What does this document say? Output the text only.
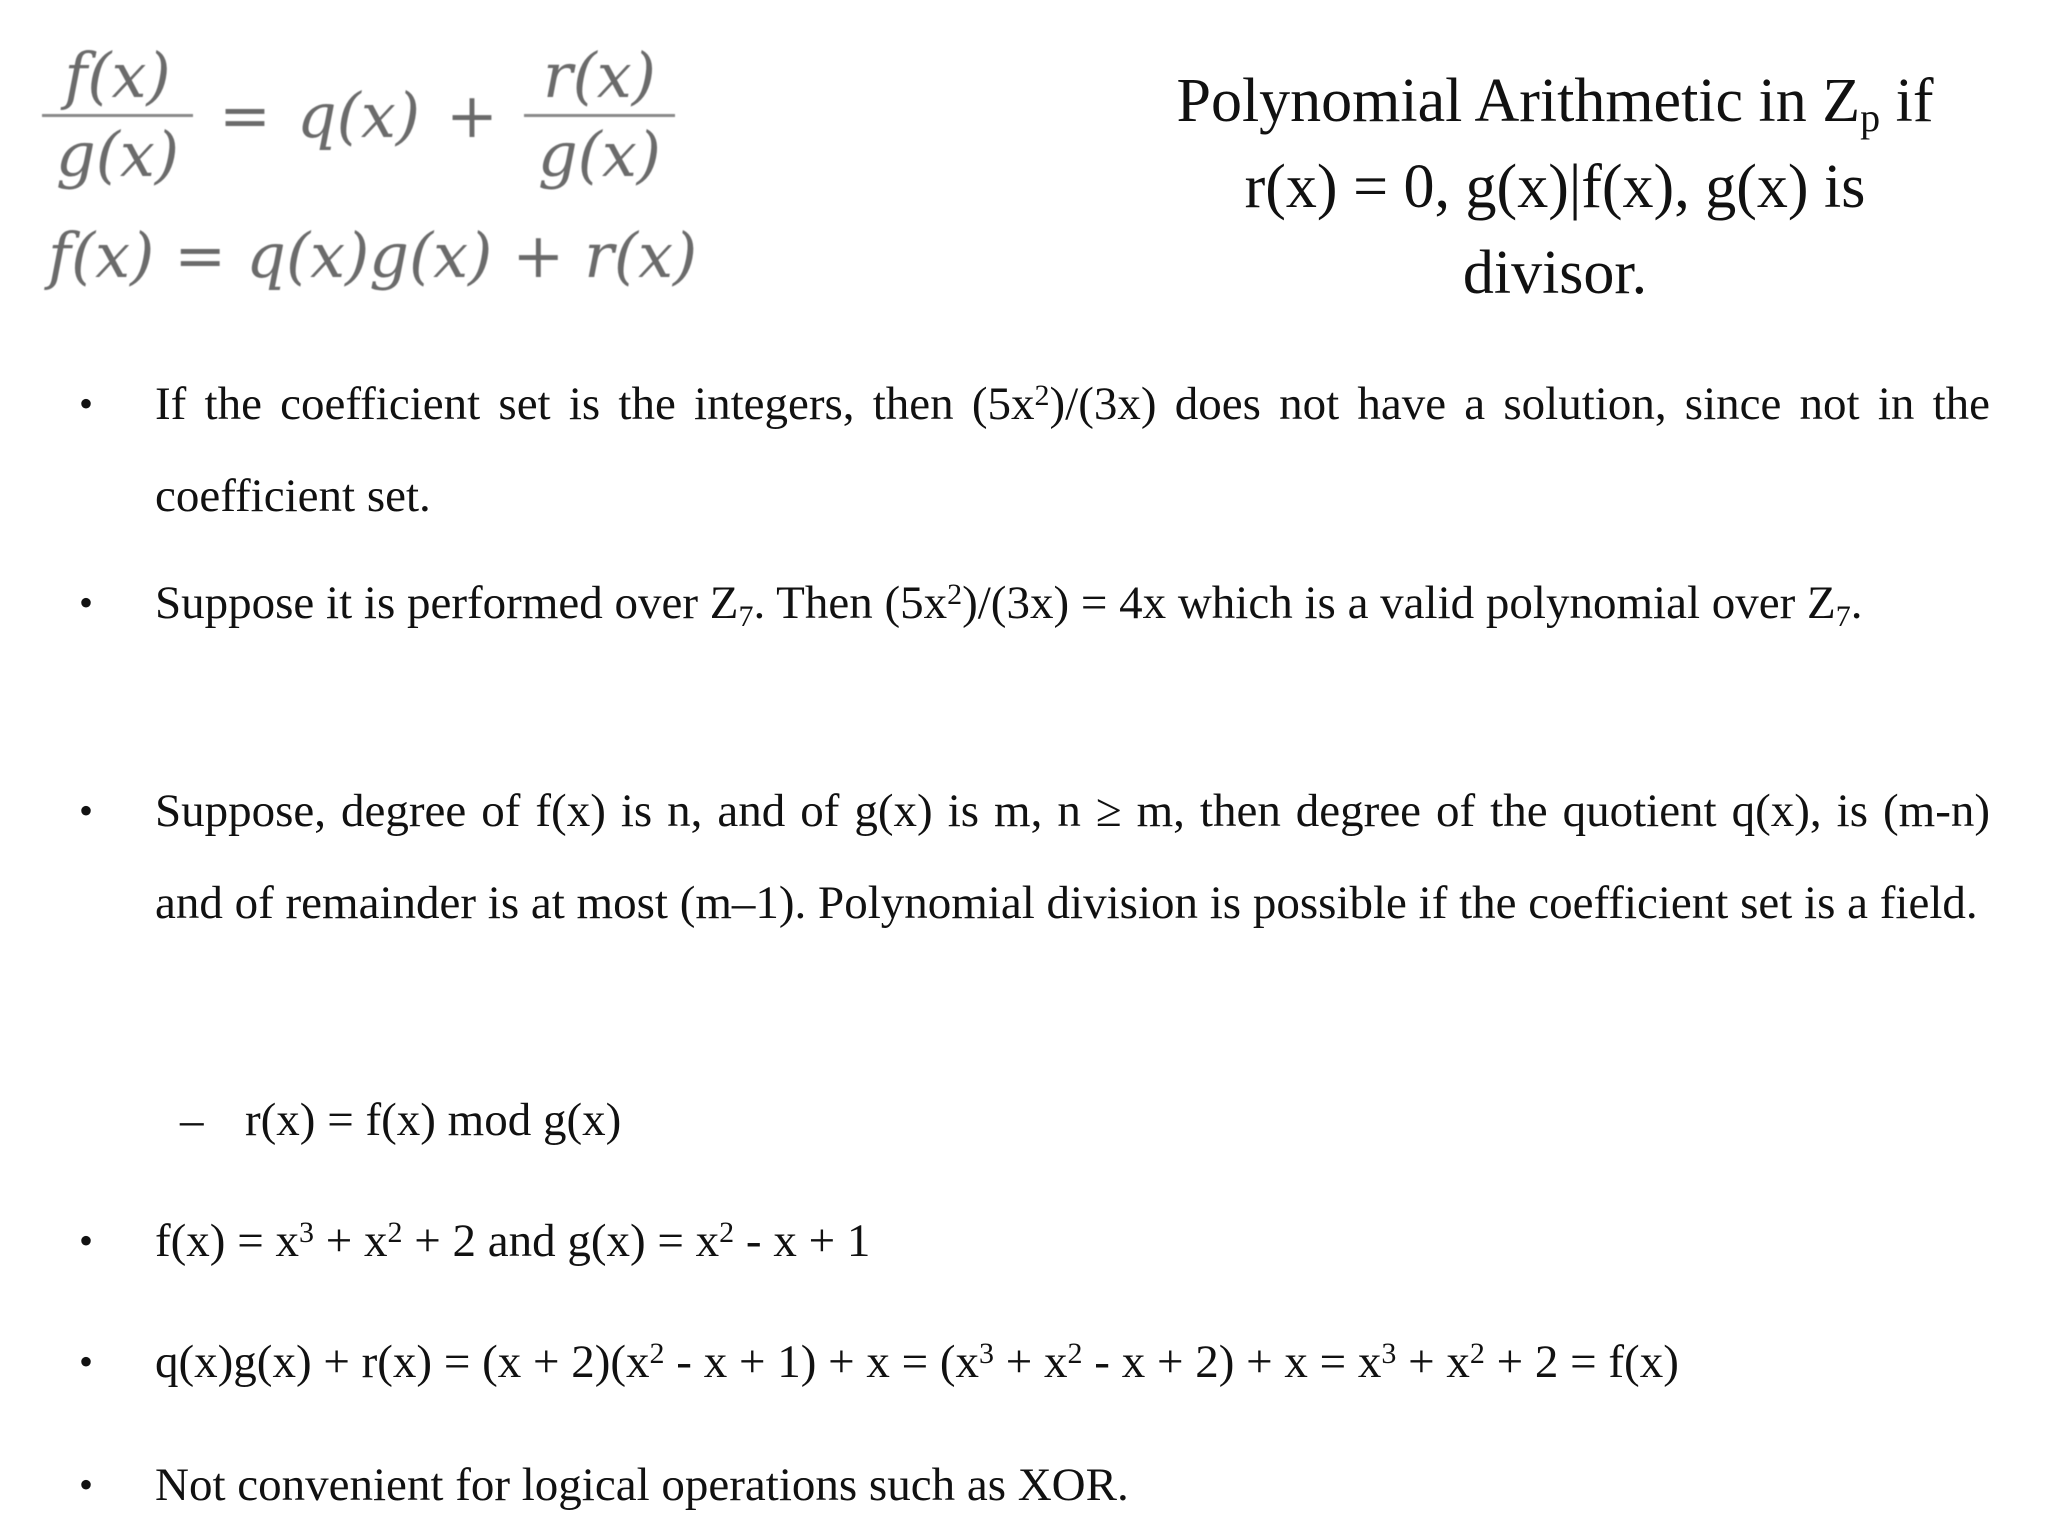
$\frac{f(x)}{g(x)} = q(x) + \frac{r(x)}{g(x)}$
f(x) = q(x)g(x) + r(x)
Polynomial Arithmetic in $Z_p$ if
r(x) = 0, g(x)|f(x), g(x) is
divisor.
• If the coefficient set is the integers, then $(5x^2)/(3x)$ does not have a solution, since not in the coefficient set.
• Suppose it is performed over $Z_7$. Then $(5x^2)/(3x) = 4x$ which is a valid polynomial over $Z_7$.
• Suppose, degree of f(x) is n, and of g(x) is m, n ≥ m, then degree of the quotient q(x), is (m-n) and of remainder is at most (m–1). Polynomial division is possible if the coefficient set is a field.
– r(x) = f(x) mod g(x)
• $f(x) = x^3 + x^2 + 2$ and $g(x) = x^2 - x + 1$
• $q(x)g(x) + r(x) = (x + 2)(x^2 - x + 1) + x = (x^3 + x^2 - x + 2) + x = x^3 + x^2 + 2 = f(x)$
• Not convenient for logical operations such as XOR.
